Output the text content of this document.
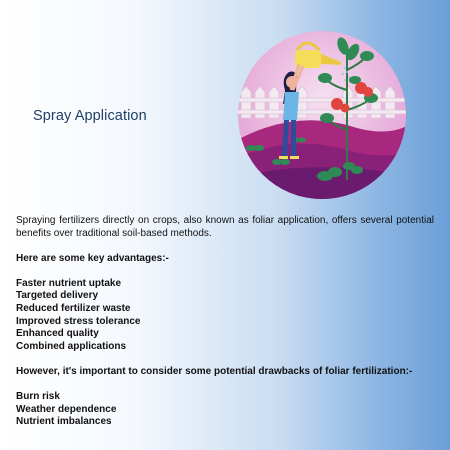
Spray Application

Spraying fertilizers directly on crops, also known as foliar application, offers several potential benefits over traditional soil-based methods.

Here are some key advantages:-
Faster nutrient uptake
Targeted delivery
Reduced fertilizer waste
Improved stress tolerance
Enhanced quality
Combined applications
However, it's important to consider some potential drawbacks of foliar fertilization:-
Burn risk
Weather dependence
Nutrient imbalances
